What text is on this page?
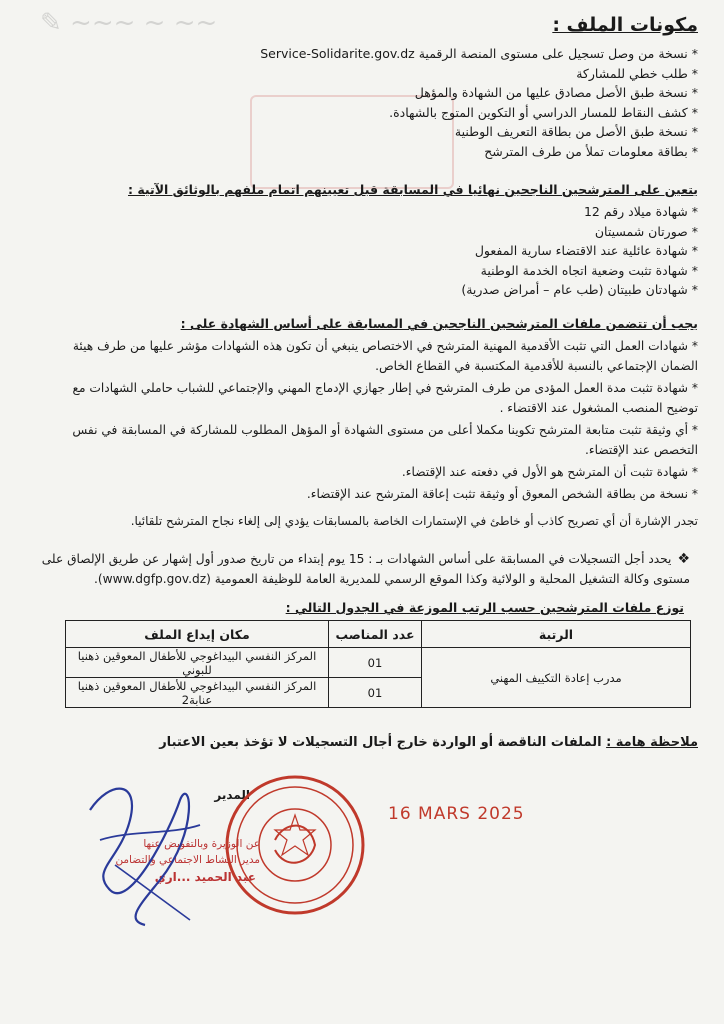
✎ ~~~ ~ ~~	مكونات الملف :
* نسخة من وصل تسجيل على مستوى المنصة الرقمية Service-Solidarite.gov.dz
* طلب خطي للمشاركة
* نسخة طبق الأصل مصادق عليها من الشهادة والمؤهل
* كشف النقاط للمسار الدراسي أو التكوين المتوج بالشهادة.
* نسخة طبق الأصل من بطاقة التعريف الوطنية
* بطاقة معلومات تملأ من طرف المترشح
يتعين على المترشحين الناجحين نهائيا في المسابقة قبل تعيينهم اتمام ملفهم بالوثائق الآتية :
* شهادة ميلاد رقم 12
* صورتان شمسيتان
* شهادة عائلية عند الاقتضاء سارية المفعول
* شهادة تثبت وضعية اتجاه الخدمة الوطنية
* شهادتان طبيتان (طب عام – أمراض صدرية)
يجب أن تتضمن ملفات المترشحين الناجحين في المسابقة على أساس الشهادة على :
* شهادات العمل التي تثبت الأقدمية المهنية المترشح في الاختصاص ينبغي أن تكون هذه الشهادات مؤشر عليها من طرف هيئة الضمان الإجتماعي بالنسبة للأقدمية المكتسبة في القطاع الخاص.
* شهادة تثبت مدة العمل المؤدى من طرف المترشح في إطار جهازي الإدماج المهني والإجتماعي للشباب حاملي الشهادات مع توضيح المنصب المشغول عند الاقتضاء .
* أي وثيقة تثبت متابعة المترشح تكوينا مكملا أعلى من مستوى الشهادة أو المؤهل المطلوب للمشاركة في المسابقة في نفس التخصص عند الإقتضاء.
* شهادة تثبت أن المترشح هو الأول في دفعته عند الإقتضاء.
* نسخة من بطاقة الشخص المعوق أو وثيقة تثبت إعاقة المترشح عند الإقتضاء.
تجدر الإشارة أن أي تصريح كاذب أو خاطئ في الإستمارات الخاصة بالمسابقات يؤدي إلى إلغاء نجاح المترشح تلقائيا.
❖يحدد أجل التسجيلات في المسابقة على أساس الشهادات بـ : 15 يوم إبتداء من تاريخ صدور أول إشهار عن طريق الإلصاق على مستوى وكالة التشغيل المحلية و الولائية وكذا الموقع الرسمي للمديرية العامة للوظيفة العمومية (www.dgfp.gov.dz).
توزع ملفات المترشحين حسب الرتب الموزعة في الجدول التالي :
الرتبة	عدد المناصب	مكان إيداع الملف
مدرب إعادة التكييف المهني	01	المركز النفسي البيداغوجي للأطفال المعوقين ذهنيا للبوني
	01	المركز النفسي البيداغوجي للأطفال المعوقين ذهنيا عنابة2
ملاحظة هامة : الملفات الناقصة أو الواردة خارج أجال التسجيلات لا تؤخذ بعين الاعتبار
المدير
عن الوزيرة وبالتفويض عنها
مدير النشاط الاجتماعي والتضامن
عبد الحميد ...اري
16 MARS 2025
